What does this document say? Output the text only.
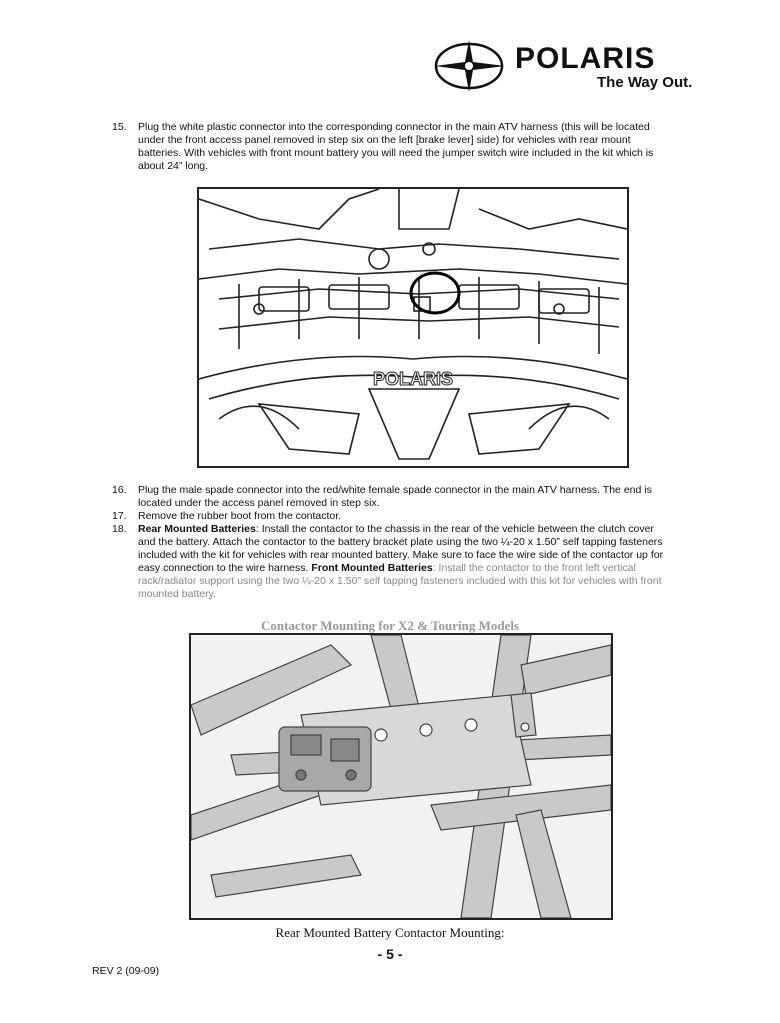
POLARIS
The Way Out.
15. Plug the white plastic connector into the corresponding connector in the main ATV harness (this will be located under the front access panel removed in step six on the left [brake lever] side) for vehicles with rear mount batteries. With vehicles with front mount battery you will need the jumper switch wire included in the kit which is about 24” long.
POLARIS
16. Plug the male spade connector into the red/white female spade connector in the main ATV harness. The end is located under the access panel removed in step six.
17. Remove the rubber boot from the contactor.
18. Rear Mounted Batteries: Install the contactor to the chassis in the rear of the vehicle between the clutch cover and the battery. Attach the contactor to the battery bracket plate using the two ¼-20 x 1.50” self tapping fasteners included with the kit for vehicles with rear mounted battery. Make sure to face the wire side of the contactor up for easy connection to the wire harness. Front Mounted Batteries: Install the contactor to the front left vertical rack/radiator support using the two ¼-20 x 1.50” self tapping fasteners included with this kit for vehicles with front mounted battery.
Contactor Mounting for X2 & Touring Models
Rear Mounted Battery Contactor Mounting:
- 5 -
REV 2 (09-09)
